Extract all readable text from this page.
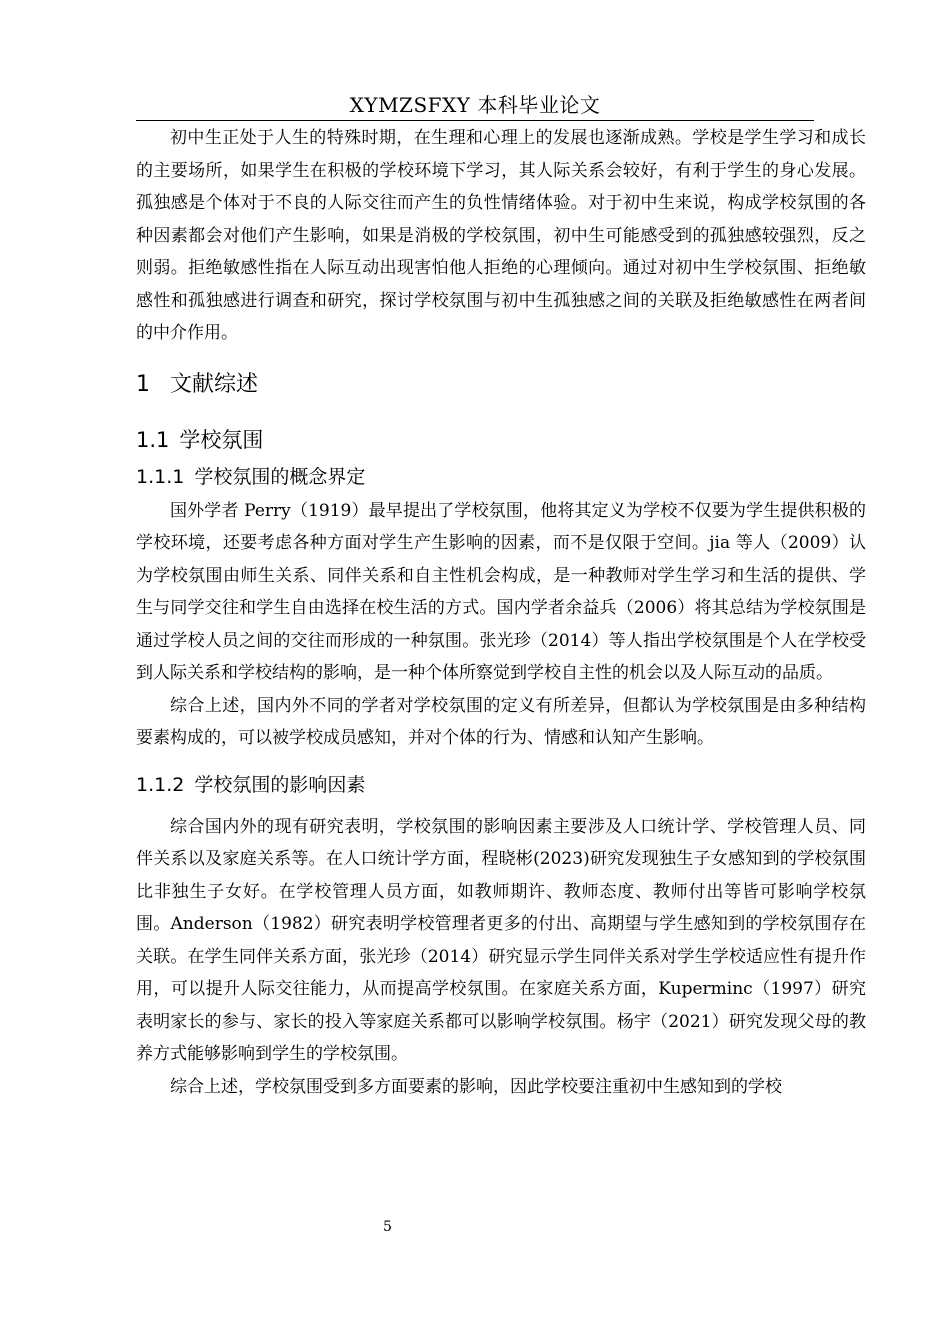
XYMZSFXY 本科毕业论文

初中生正处于人生的特殊时期，在生理和心理上的发展也逐渐成熟。学校是学生学习和成长的主要场所，如果学生在积极的学校环境下学习，其人际关系会较好，有利于学生的身心发展。孤独感是个体对于不良的人际交往而产生的负性情绪体验。对于初中生来说，构成学校氛围的各种因素都会对他们产生影响，如果是消极的学校氛围，初中生可能感受到的孤独感较强烈，反之则弱。拒绝敏感性指在人际互动出现害怕他人拒绝的心理倾向。通过对初中生学校氛围、拒绝敏感性和孤独感进行调查和研究，探讨学校氛围与初中生孤独感之间的关联及拒绝敏感性在两者间的中介作用。

1 文献综述
1.1 学校氛围
1.1.1 学校氛围的概念界定

国外学者 Perry（1919）最早提出了学校氛围，他将其定义为学校不仅要为学生提供积极的学校环境，还要考虑各种方面对学生产生影响的因素，而不是仅限于空间。jia 等人（2009）认为学校氛围由师生关系、同伴关系和自主性机会构成，是一种教师对学生学习和生活的提供、学生与同学交往和学生自由选择在校生活的方式。国内学者余益兵（2006）将其总结为学校氛围是通过学校人员之间的交往而形成的一种氛围。张光珍（2014）等人指出学校氛围是个人在学校受到人际关系和学校结构的影响，是一种个体所察觉到学校自主性的机会以及人际互动的品质。

综合上述，国内外不同的学者对学校氛围的定义有所差异，但都认为学校氛围是由多种结构要素构成的，可以被学校成员感知，并对个体的行为、情感和认知产生影响。

1.1.2 学校氛围的影响因素

综合国内外的现有研究表明，学校氛围的影响因素主要涉及人口统计学、学校管理人员、同伴关系以及家庭关系等。在人口统计学方面，程晓彬(2023)研究发现独生子女感知到的学校氛围比非独生子女好。在学校管理人员方面，如教师期许、教师态度、教师付出等皆可影响学校氛围。Anderson（1982）研究表明学校管理者更多的付出、高期望与学生感知到的学校氛围存在关联。在学生同伴关系方面，张光珍（2014）研究显示学生同伴关系对学生学校适应性有提升作用，可以提升人际交往能力，从而提高学校氛围。在家庭关系方面，Kuperminc（1997）研究表明家长的参与、家长的投入等家庭关系都可以影响学校氛围。杨宇（2021）研究发现父母的教养方式能够影响到学生的学校氛围。

综合上述，学校氛围受到多方面要素的影响，因此学校要注重初中生感知到的学校

5
